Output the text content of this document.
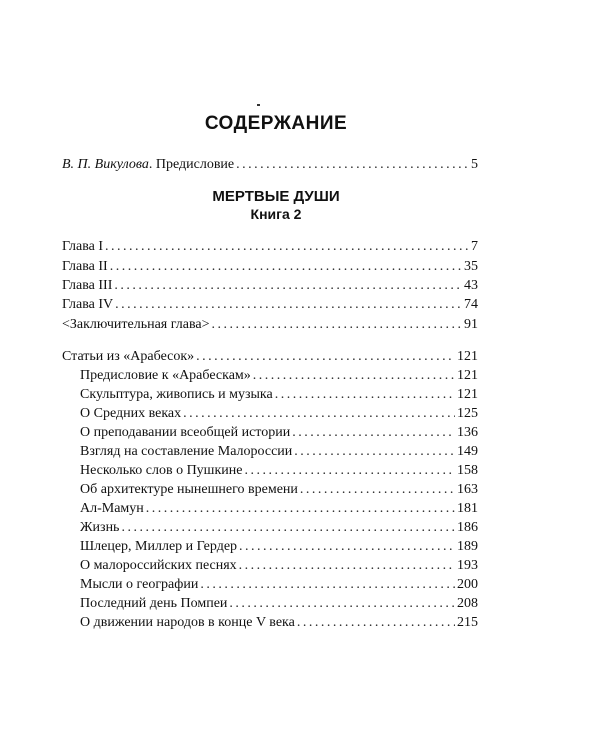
СОДЕРЖАНИЕ
В. П. Викулова. Предисловие .....	5
МЕРТВЫЕ ДУШИ
Книга 2
Глава I .....	7
Глава II .....	35
Глава III .....	43
Глава IV .....	74
<Заключительная глава> .....	91
Статьи из «Арабесок» .....	121
Предисловие к «Арабескам» .....	121
Скульптура, живопись и музыка .....	121
О Средних веках .....	125
О преподавании всеобщей истории .....	136
Взгляд на составление Малороссии .....	149
Несколько слов о Пушкине .....	158
Об архитектуре нынешнего времени .....	163
Ал-Мамун .....	181
Жизнь .....	186
Шлецер, Миллер и Гердер .....	189
О малороссийских песнях .....	193
Мысли о географии .....	200
Последний день Помпеи .....	208
О движении народов в конце V века .....	215
